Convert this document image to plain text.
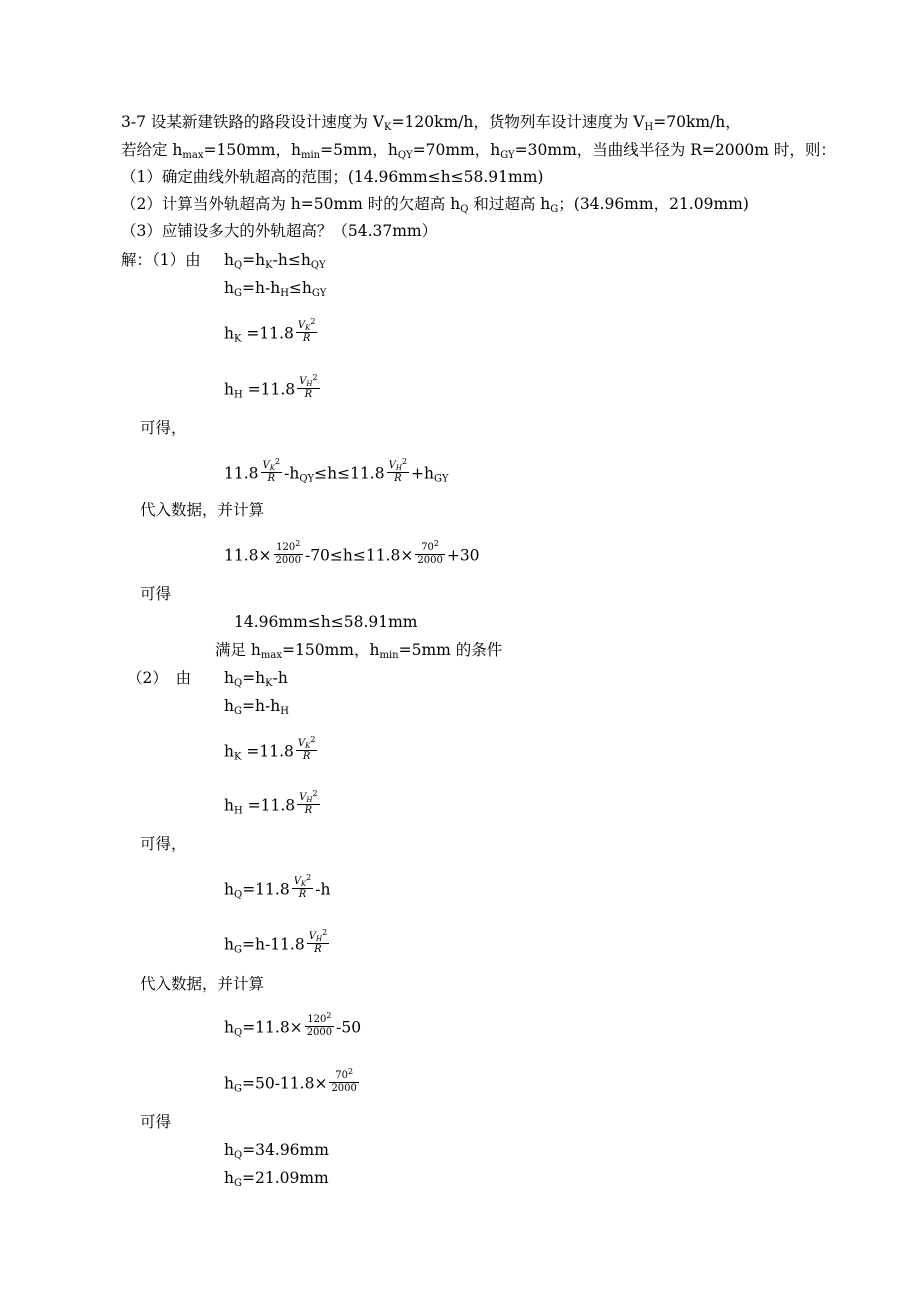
3-7 设某新建铁路的路段设计速度为 $V_K=120km/h$，货物列车设计速度为 $V_H=70km/h$，
若给定 $h_{max}=150mm$，$h_{min}=5mm$，$h_{QY}=70mm$，$h_{GY}=30mm$，当曲线半径为 R=2000m 时，则：
（1）确定曲线外轨超高的范围；(14.96mm≤h≤58.91mm)
（2）计算当外轨超高为 h=50mm 时的欠超高 $h_Q$ 和过超高 $h_G$；(34.96mm，21.09mm)
（3）应铺设多大的外轨超高？（54.37mm）
解：（1）由 $h_Q=h_K-h\le h_{QY}$
$h_G=h-h_H\le h_{GY}$
$h_K =11.8 \frac{V_K^2}{R}$
$h_H =11.8 \frac{V_H^2}{R}$
可得，
$11.8 \frac{V_K^2}{R} -h_{QY}\le h\le 11.8 \frac{V_H^2}{R} +h_{GY}$
代入数据，并计算
$11.8\times \frac{120^2}{2000} -70\le h\le 11.8\times \frac{70^2}{2000} +30$
可得
14.96mm≤h≤58.91mm
满足 $h_{max}=150mm$，$h_{min}=5mm$ 的条件
（2）　由 $h_Q=h_K-h$
$h_G=h-h_H$
$h_K =11.8 \frac{V_K^2}{R}$
$h_H =11.8 \frac{V_H^2}{R}$
可得，
$h_Q=11.8 \frac{V_K^2}{R} -h$
$h_G=h-11.8 \frac{V_H^2}{R}$
代入数据，并计算
$h_Q=11.8\times \frac{120^2}{2000} -50$
$h_G=50-11.8\times \frac{70^2}{2000}$
可得
$h_Q=34.96mm$
$h_G=21.09mm$
